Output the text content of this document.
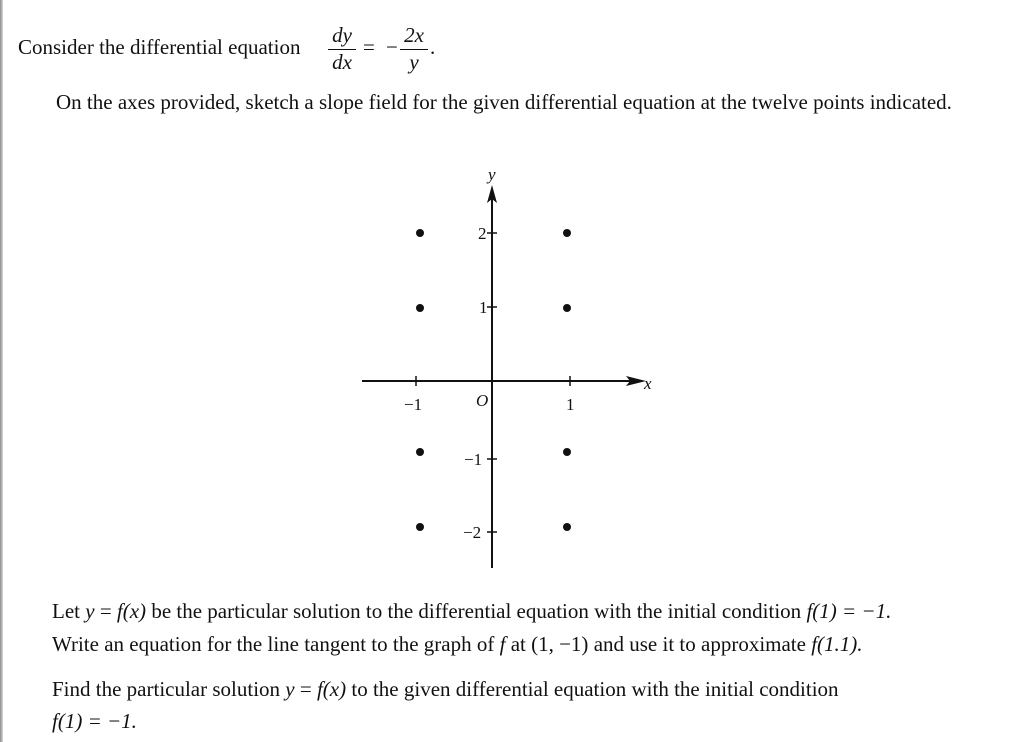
Consider the differential equation dy
dx
= − 2x
y
.
On the axes provided, sketch a slope field for the given differential equation at the twelve points indicated.
x
−1	1
O
y
2
1
−1
−2
Let y = f(x) be the particular solution to the differential equation with the initial condition f(1) = −1.
Write an equation for the line tangent to the graph of f at (1, −1) and use it to approximate f(1.1).
Find the particular solution y = f(x) to the given differential equation with the initial condition
f(1) = −1.
